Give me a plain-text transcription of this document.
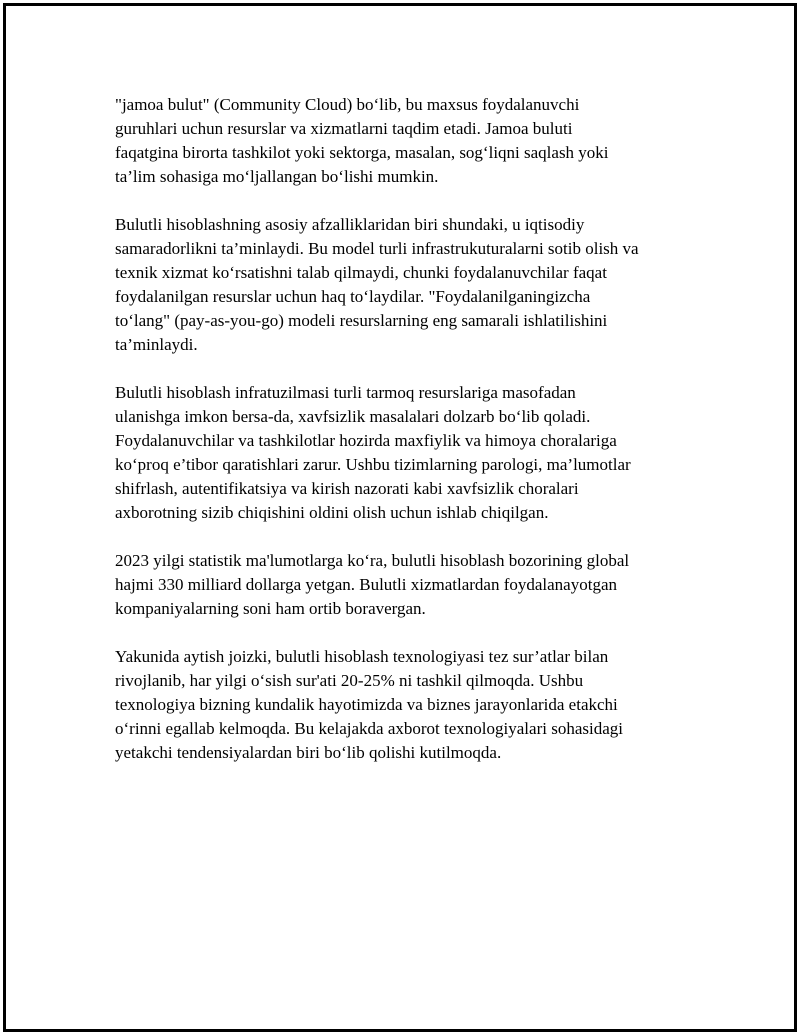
"jamoa bulut" (Community Cloud) bo‘lib, bu maxsus foydalanuvchi
guruhlari uchun resurslar va xizmatlarni taqdim etadi. Jamoa buluti
faqatgina birorta tashkilot yoki sektorga, masalan, sog‘liqni saqlash yoki
ta’lim sohasiga mo‘ljallangan bo‘lishi mumkin.

Bulutli hisoblashning asosiy afzalliklaridan biri shundaki, u iqtisodiy
samaradorlikni ta’minlaydi. Bu model turli infrastrukuturalarni sotib olish va
texnik xizmat ko‘rsatishni talab qilmaydi, chunki foydalanuvchilar faqat
foydalanilgan resurslar uchun haq to‘laydilar. "Foydalanilganingizcha
to‘lang" (pay-as-you-go) modeli resurslarning eng samarali ishlatilishini
ta’minlaydi.

Bulutli hisoblash infratuzilmasi turli tarmoq resurslariga masofadan
ulanishga imkon bersa-da, xavfsizlik masalalari dolzarb bo‘lib qoladi.
Foydalanuvchilar va tashkilotlar hozirda maxfiylik va himoya choralariga
ko‘proq e’tibor qaratishlari zarur. Ushbu tizimlarning parologi, ma’lumotlar
shifrlash, autentifikatsiya va kirish nazorati kabi xavfsizlik choralari
axborotning sizib chiqishini oldini olish uchun ishlab chiqilgan.

2023 yilgi statistik ma'lumotlarga ko‘ra, bulutli hisoblash bozorining global
hajmi 330 milliard dollarga yetgan. Bulutli xizmatlardan foydalanayotgan
kompaniyalarning soni ham ortib boravergan.

Yakunida aytish joizki, bulutli hisoblash texnologiyasi tez sur’atlar bilan
rivojlanib, har yilgi o‘sish sur'ati 20-25% ni tashkil qilmoqda. Ushbu
texnologiya bizning kundalik hayotimizda va biznes jarayonlarida etakchi
o‘rinni egallab kelmoqda. Bu kelajakda axborot texnologiyalari sohasidagi
yetakchi tendensiyalardan biri bo‘lib qolishi kutilmoqda.
